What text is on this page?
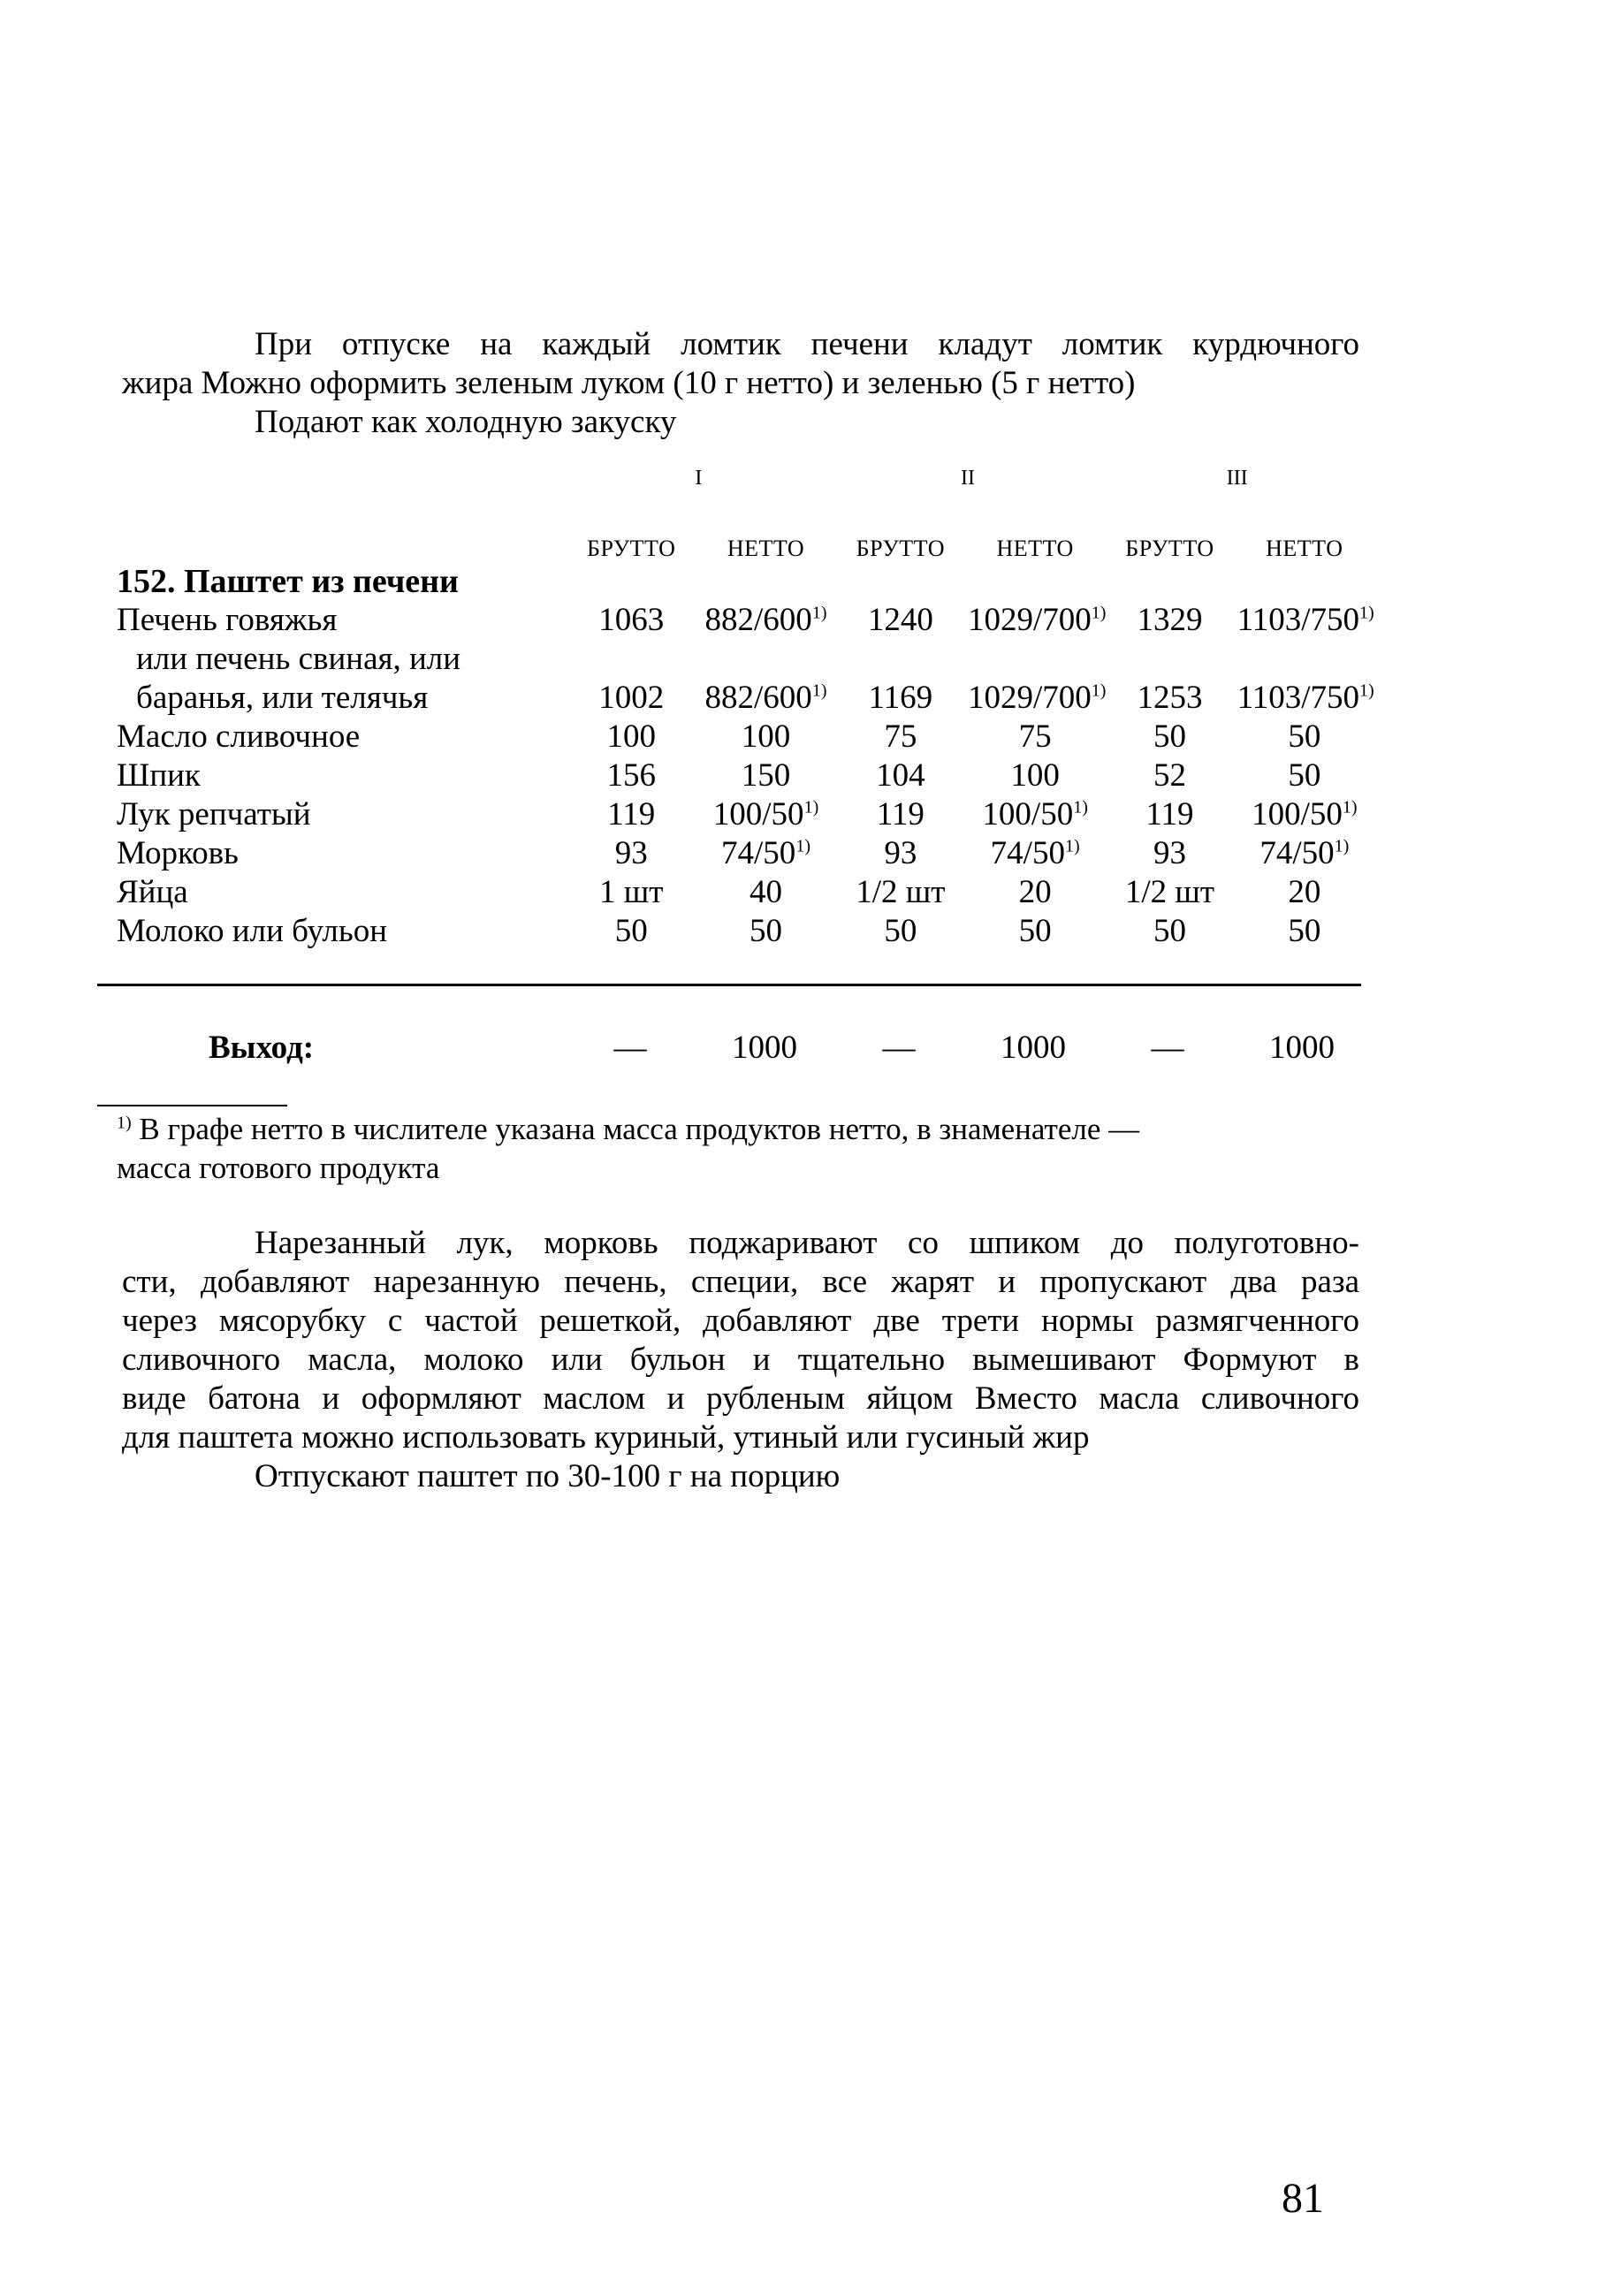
При отпуске на каждый ломтик печени кладут ломтик курдючного
жира Можно оформить зеленым луком (10 г нетто) и зеленью (5 г нетто)
Подают как холодную закуску

	I		II		III	
	БРУТТО	НЕТТО	БРУТТО	НЕТТО	БРУТТО	НЕТТО
152. Паштет из печени						
Печень говяжья	1063	882/600$^{1)}$	1240	1029/700$^{1)}$	1329	1103/750$^{1)}$
или печень свиная, или						
баранья, или телячья	1002	882/600$^{1)}$	1169	1029/700$^{1)}$	1253	1103/750$^{1)}$
Масло сливочное	100	100	75	75	50	50
Шпик	156	150	104	100	52	50
Лук репчатый	119	100/50$^{1)}$	119	100/50$^{1)}$	119	100/50$^{1)}$
Морковь	93	74/50$^{1)}$	93	74/50$^{1)}$	93	74/50$^{1)}$
Яйца	1 шт	40	1/2 шт	20	1/2 шт	20
Молоко или бульон	50	50	50	50	50	50
Выход:	—	1000	—	1000	—	1000
$^{1)}$ В графе нетто в числителе указана масса продуктов нетто, в знаменателе —
масса готового продукта

Нарезанный лук, морковь поджаривают со шпиком до полуготовно-
сти, добавляют нарезанную печень, специи, все жарят и пропускают два раза
через мясорубку с частой решеткой, добавляют две трети нормы размягченного
сливочного масла, молоко или бульон и тщательно вымешивают Формуют в
виде батона и оформляют маслом и рубленым яйцом Вместо масла сливочного
для паштета можно использовать куриный, утиный или гусиный жир
Отпускают паштет по 30-100 г на порцию

81
